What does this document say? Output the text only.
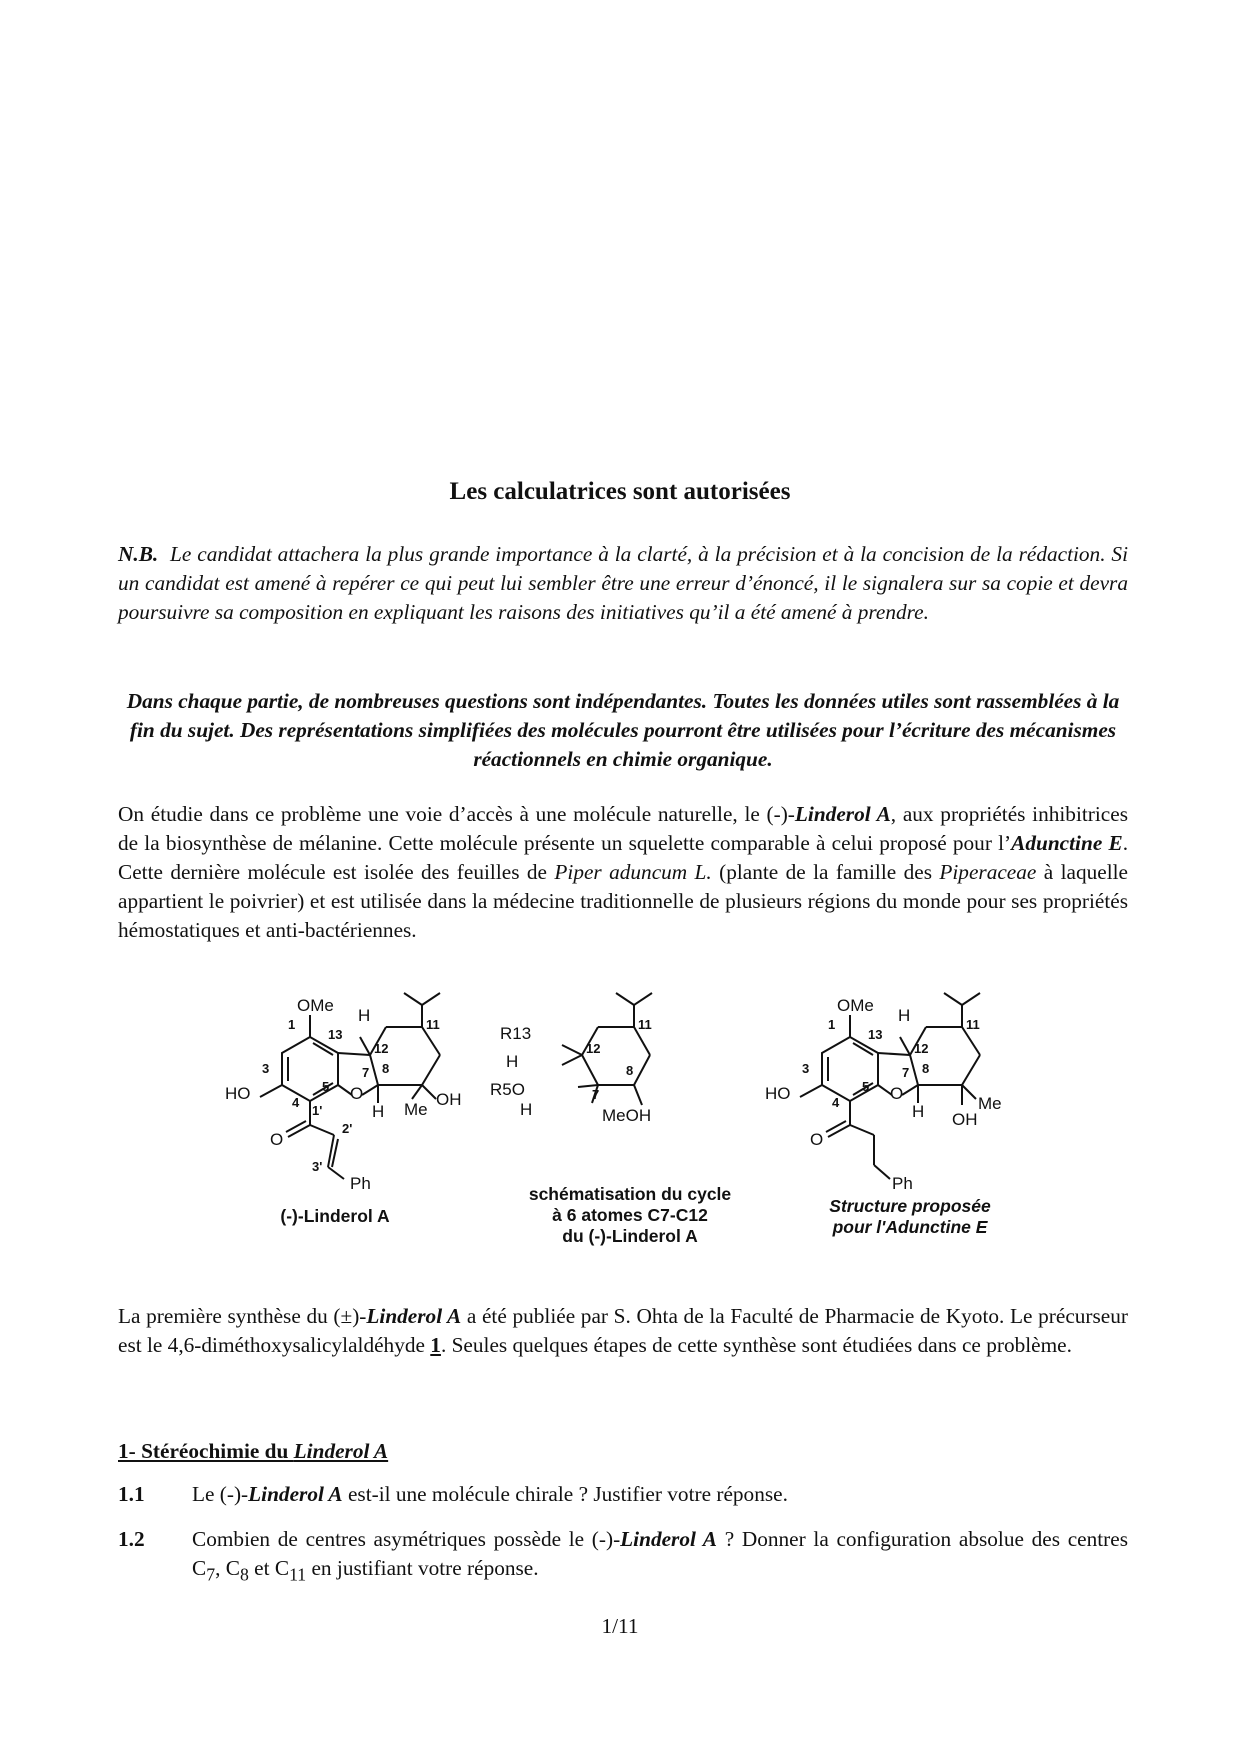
Les calculatrices sont autorisées
N.B. Le candidat attachera la plus grande importance à la clarté, à la précision et à la concision de la rédaction. Si un candidat est amené à repérer ce qui peut lui sembler être une erreur d’énoncé, il le signalera sur sa copie et devra poursuivre sa composition en expliquant les raisons des initiatives qu’il a été amené à prendre.
Dans chaque partie, de nombreuses questions sont indépendantes. Toutes les données utiles sont rassemblées à la fin du sujet. Des représentations simplifiées des molécules pourront être utilisées pour l’écriture des mécanismes réactionnels en chimie organique.
On étudie dans ce problème une voie d’accès à une molécule naturelle, le (-)-Linderol A, aux propriétés inhibitrices de la biosynthèse de mélanine. Cette molécule présente un squelette comparable à celui proposé pour l’Adunctine E. Cette dernière molécule est isolée des feuilles de Piper aduncum L. (plante de la famille des Piperaceae à laquelle appartient le poivrier) et est utilisée dans la médecine traditionnelle de plusieurs régions du monde pour ses propriétés hémostatiques et anti-bactériennes.
OMe
HO
H
O
H
OH
Me
O
Ph
1
13
3
4
5
7 8
12
11
1'
2'
3'
R13
H
R5O
H	MeOH
11
12
7
8
OMe
HO
H
O
H	Me
OH
O
Ph
1
13
3
4
5
7 8
12
11
(-)-Linderol A
schématisation du cycle
à 6 atomes C7-C12
du (-)-Linderol A
Structure proposée
pour l'Adunctine E
La première synthèse du (±)-Linderol A a été publiée par S. Ohta de la Faculté de Pharmacie de Kyoto. Le précurseur est le 4,6-diméthoxysalicylaldéhyde 1. Seules quelques étapes de cette synthèse sont étudiées dans ce problème.
1- Stéréochimie du Linderol A
1.1 Le (-)-Linderol A est-il une molécule chirale ? Justifier votre réponse.
1.2 Combien de centres asymétriques possède le (-)-Linderol A ? Donner la configuration absolue des centres $C_7$, $C_8$ et $C_{11}$ en justifiant votre réponse.
1/11
